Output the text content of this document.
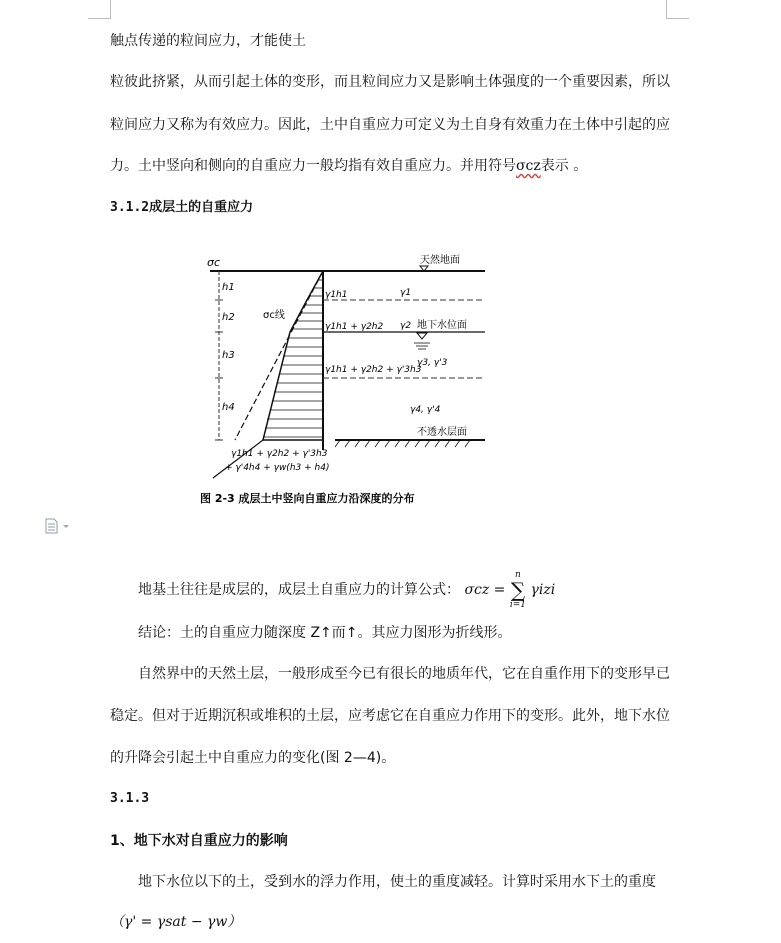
触点传递的粒间应力，才能使土
粒彼此挤紧，从而引起土体的变形，而且粒间应力又是影响土体强度的一个重要因素，所以
粒间应力又称为有效应力。因此，土中自重应力可定义为土自身有效重力在土体中引起的应
力。土中竖向和侧向的自重应力一般均指有效自重应力。并用符号σcz表示 。
3.1.2成层土的自重应力
σc	天然地面
h1
h2
h3
h4
σc线
γ1h1
γ1h1 + γ2h2
γ1h1 + γ2h2 + γ'3h3
γ1h1 + γ2h2 + γ'3h3
+ γ'4h4 + γw(h3 + h4)
γ1
γ2 地下水位面
γ3, γ'3
γ4, γ'4
不透水层面
图 2-3 成层土中竖向自重应力沿深度的分布
地基土往往是成层的，成层土自重应力的计算公式： σcz =
n
∑
i=1
γizi
结论：土的自重应力随深度 Z↑而↑。其应力图形为折线形。
自然界中的天然土层，一般形成至今已有很长的地质年代，它在自重作用下的变形早已
稳定。但对于近期沉积或堆积的土层，应考虑它在自重应力作用下的变形。此外，地下水位
的升降会引起土中自重应力的变化(图 2—4)。
3.1.3
1、地下水对自重应力的影响
地下水位以下的土，受到水的浮力作用，使土的重度减轻。计算时采用水下土的重度
（γ' = γsat − γw）
